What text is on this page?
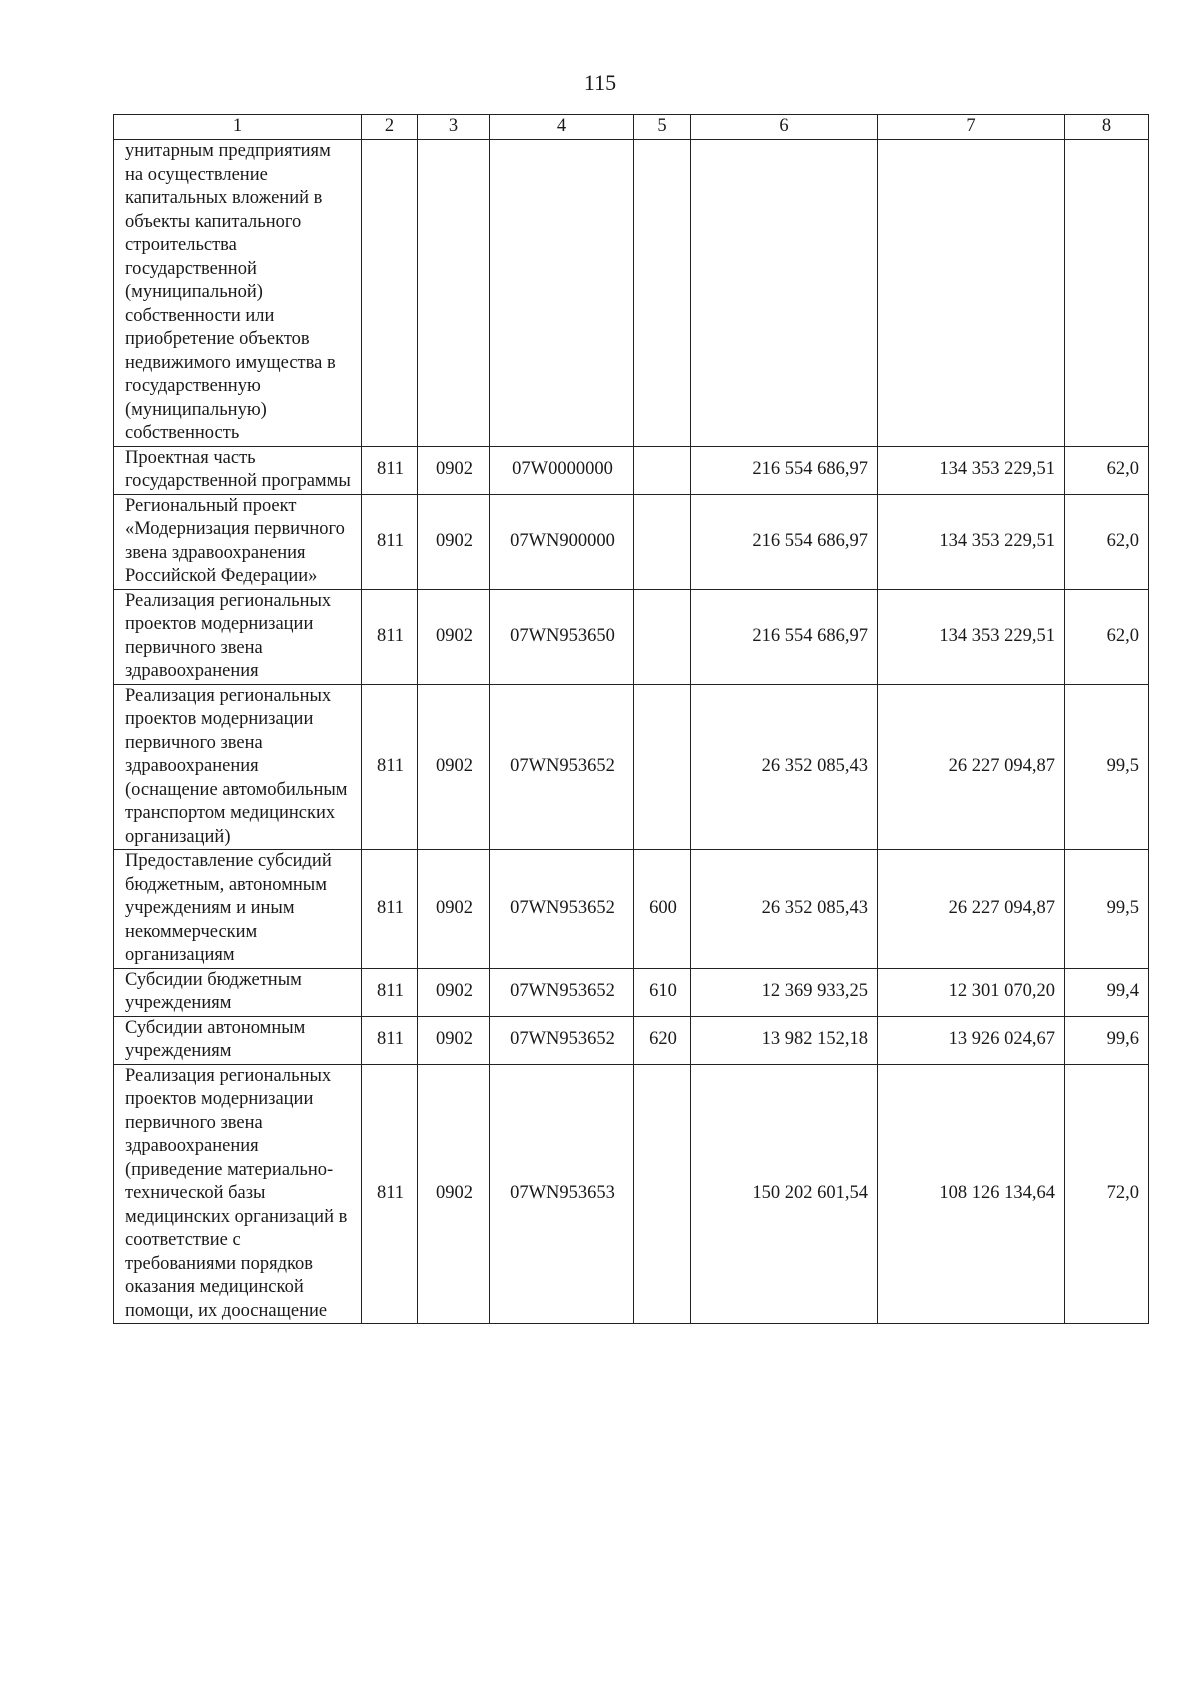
115
1	2	3	4	5	6	7	8
унитарным предприятиям на осуществление капитальных вложений в объекты капитального строительства государственной (муниципальной) собственности или приобретение объектов недвижимого имущества в государственную (муниципальную) собственность							
Проектная часть государственной программы	811	0902	07W0000000		216 554 686,97	134 353 229,51	62,0
Региональный проект «Модернизация первичного звена здравоохранения Российской Федерации»	811	0902	07WN900000		216 554 686,97	134 353 229,51	62,0
Реализация региональных проектов модернизации первичного звена здравоохранения	811	0902	07WN953650		216 554 686,97	134 353 229,51	62,0
Реализация региональных проектов модернизации первичного звена здравоохранения (оснащение автомобильным транспортом медицинских организаций)	811	0902	07WN953652		26 352 085,43	26 227 094,87	99,5
Предоставление субсидий бюджетным, автономным учреждениям и иным некоммерческим организациям	811	0902	07WN953652	600	26 352 085,43	26 227 094,87	99,5
Субсидии бюджетным учреждениям	811	0902	07WN953652	610	12 369 933,25	12 301 070,20	99,4
Субсидии автономным учреждениям	811	0902	07WN953652	620	13 982 152,18	13 926 024,67	99,6
Реализация региональных проектов модернизации первичного звена здравоохранения (приведение материально-технической базы медицинских организаций в соответствие с требованиями порядков оказания медицинской помощи, их дооснащение	811	0902	07WN953653		150 202 601,54	108 126 134,64	72,0
